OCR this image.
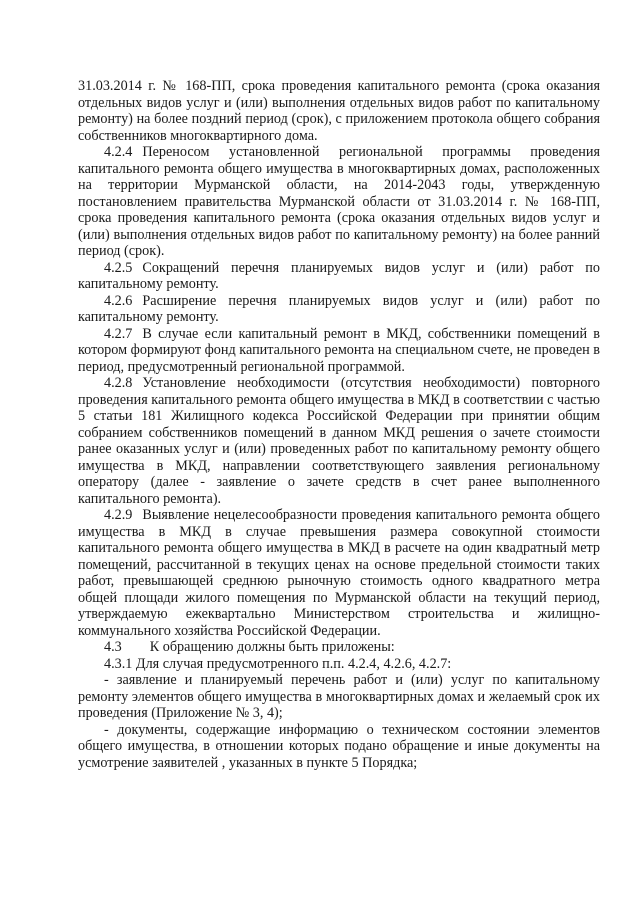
31.03.2014 г. № 168-ПП, срока проведения капитального ремонта (срока оказания отдельных видов услуг и (или) выполнения отдельных видов работ по капитальному ремонту) на более поздний период (срок), с приложением протокола общего собрания собственников многоквартирного дома.

4.2.4 Переносом установленной региональной программы проведения капитального ремонта общего имущества в многоквартирных домах, расположенных на территории Мурманской области, на 2014-2043 годы, утвержденную постановлением правительства Мурманской области от 31.03.2014 г. № 168-ПП, срока проведения капитального ремонта (срока оказания отдельных видов услуг и (или) выполнения отдельных видов работ по капитальному ремонту) на более ранний период (срок).

4.2.5 Сокращений перечня планируемых видов услуг и (или) работ по капитальному ремонту.

4.2.6 Расширение перечня планируемых видов услуг и (или) работ по капитальному ремонту.

4.2.7 В случае если капитальный ремонт в МКД, собственники помещений в котором формируют фонд капитального ремонта на специальном счете, не проведен в период, предусмотренный региональной программой.

4.2.8 Установление необходимости (отсутствия необходимости) повторного проведения капитального ремонта общего имущества в МКД в соответствии с частью 5 статьи 181 Жилищного кодекса Российской Федерации при принятии общим собранием собственников помещений в данном МКД решения о зачете стоимости ранее оказанных услуг и (или) проведенных работ по капитальному ремонту общего имущества в МКД, направлении соответствующего заявления региональному оператору (далее - заявление о зачете средств в счет ранее выполненного капитального ремонта).

4.2.9 Выявление нецелесообразности проведения капитального ремонта общего имущества в МКД в случае превышения размера совокупной стоимости капитального ремонта общего имущества в МКД в расчете на один квадратный метр помещений, рассчитанной в текущих ценах на основе предельной стоимости таких работ, превышающей среднюю рыночную стоимость одного квадратного метра общей площади жилого помещения по Мурманской области на текущий период, утверждаемую ежеквартально Министерством строительства и жилищно-коммунального хозяйства Российской Федерации.

4.3 К обращению должны быть приложены:

4.3.1 Для случая предусмотренного п.п. 4.2.4, 4.2.6, 4.2.7:

- заявление и планируемый перечень работ и (или) услуг по капитальному ремонту элементов общего имущества в многоквартирных домах и желаемый срок их проведения (Приложение № 3, 4);

- документы, содержащие информацию о техническом состоянии элементов общего имущества, в отношении которых подано обращение и иные документы на усмотрение заявителей , указанных в пункте 5 Порядка;
